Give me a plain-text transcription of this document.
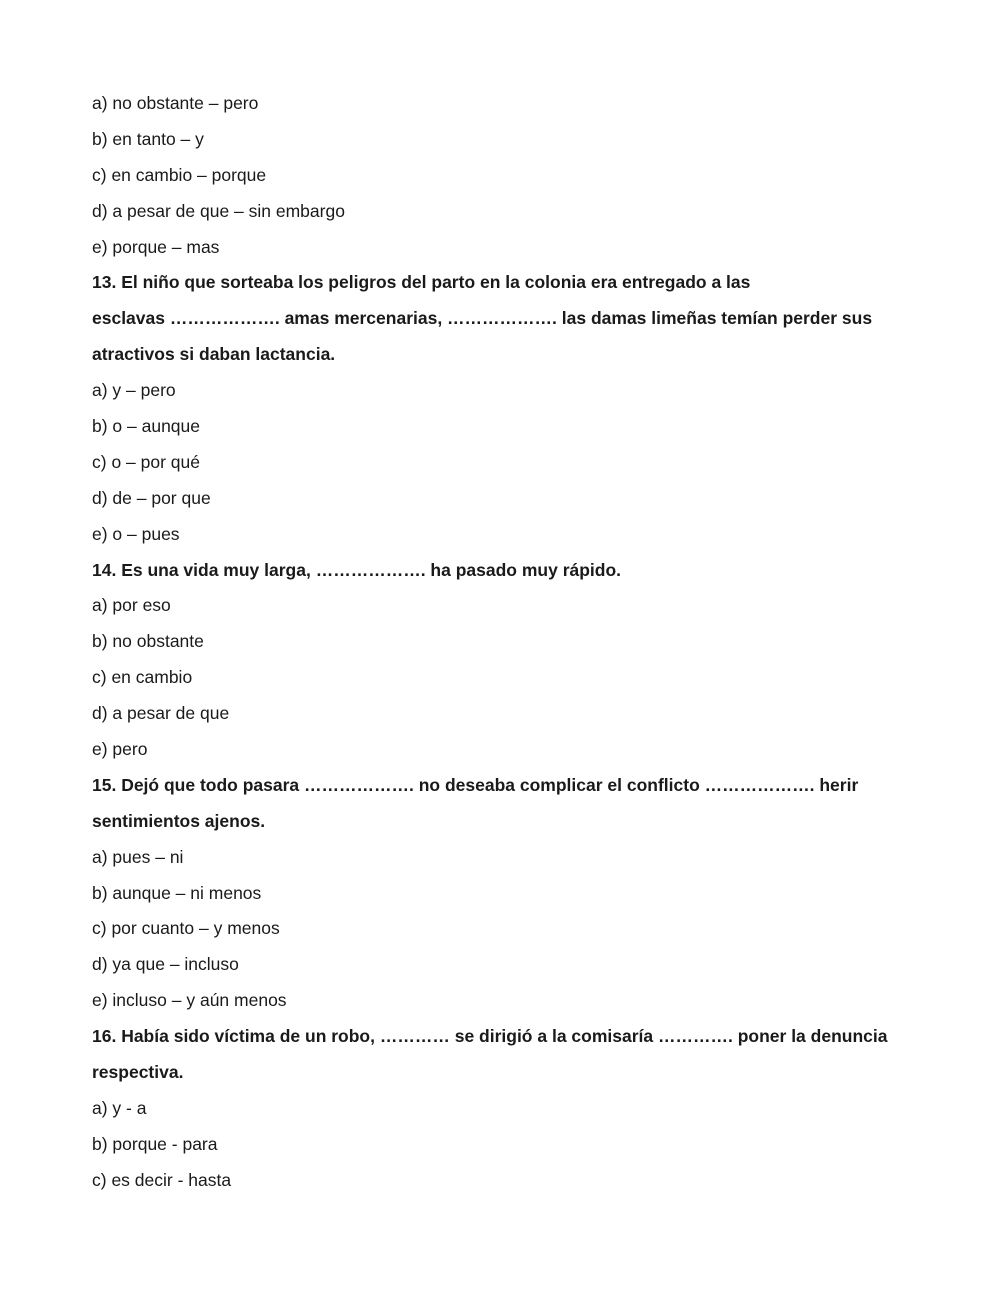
a) no obstante – pero
b) en tanto – y
c) en cambio – porque
d) a pesar de que – sin embargo
e) porque – mas
13. El niño que sorteaba los peligros del parto en la colonia era entregado a las
esclavas ………………. amas mercenarias, ………………. las damas limeñas temían perder sus
atractivos si daban lactancia.
a) y – pero
b) o – aunque
c) o – por qué
d) de – por que
e) o – pues
14. Es una vida muy larga, ………………. ha pasado muy rápido.
a) por eso
b) no obstante
c) en cambio
d) a pesar de que
e) pero
15. Dejó que todo pasara ………………. no deseaba complicar el conflicto ………………. herir
sentimientos ajenos.
a) pues – ni
b) aunque – ni menos
c) por cuanto – y menos
d) ya que – incluso
e) incluso – y aún menos
16. Había sido víctima de un robo, ………… se dirigió a la comisaría …………. poner la denuncia
respectiva.
a) y - a
b) porque - para
c) es decir - hasta
